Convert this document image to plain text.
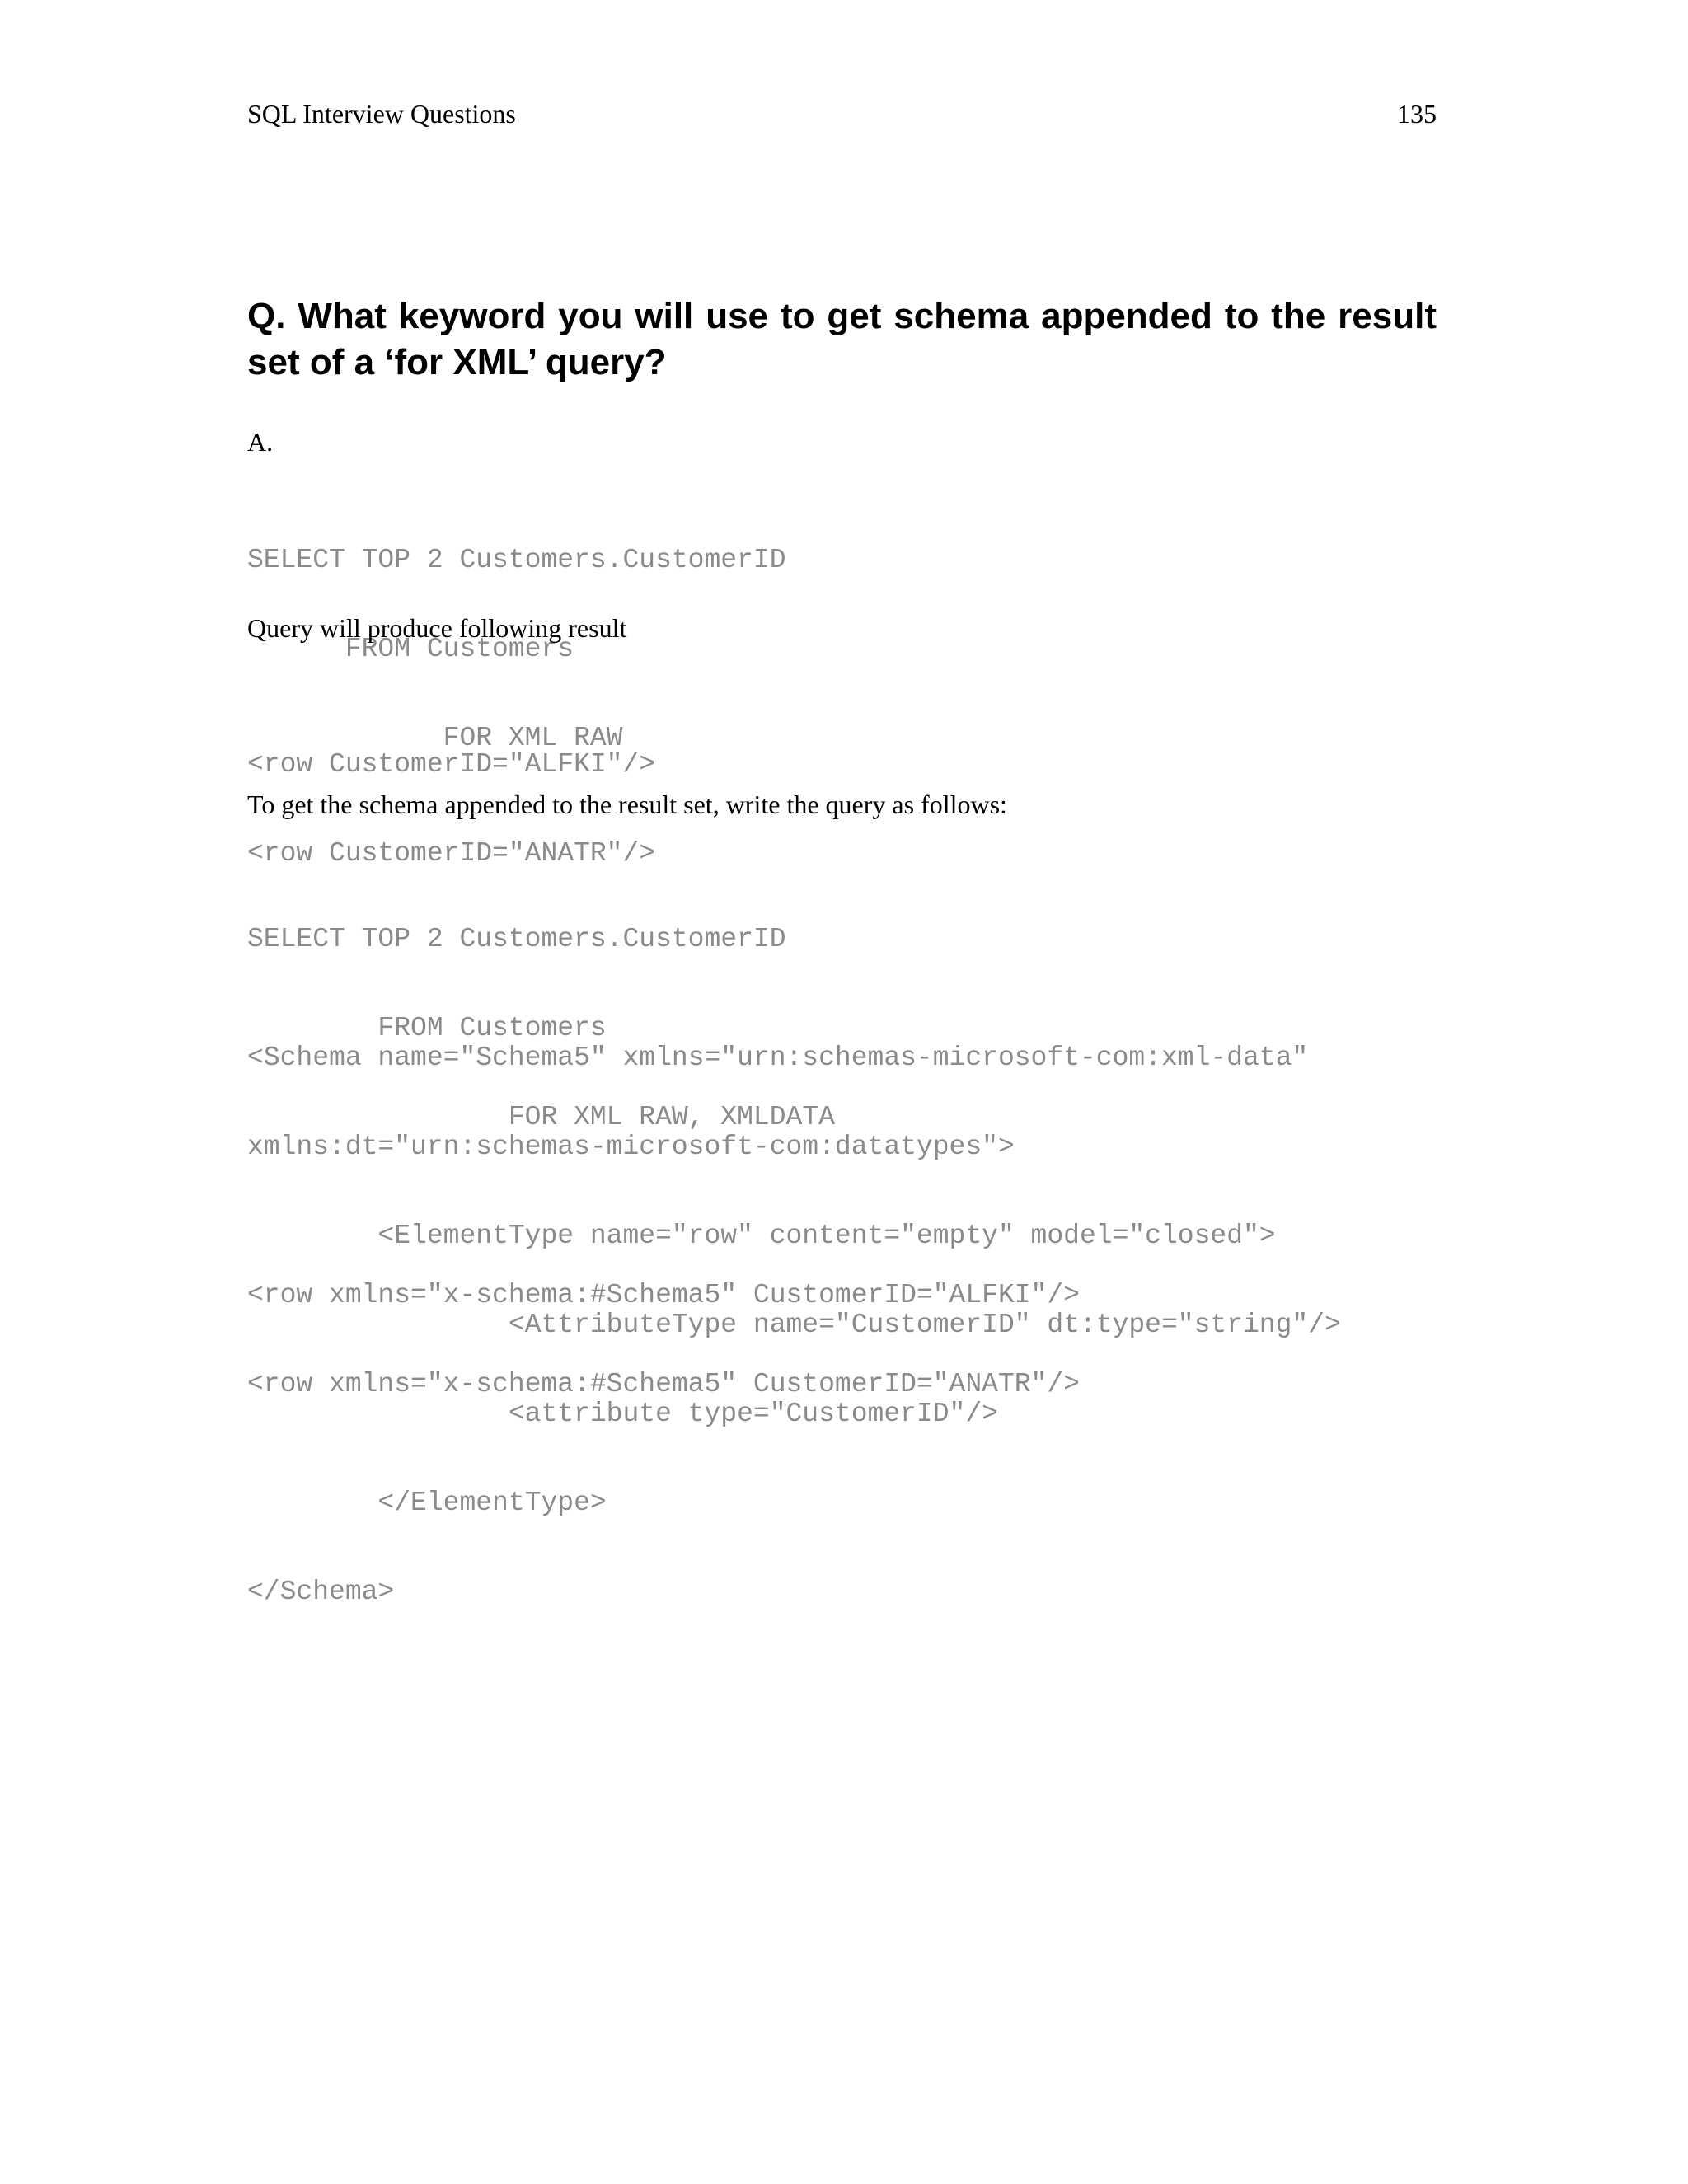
SQL Interview Questions	135
Q. What keyword you will use to get schema appended to the result set of a ‘for XML’ query?

A.

SELECT TOP 2 Customers.CustomerID

FROM Customers

FOR XML RAW

Query will produce following result

<row CustomerID="ALFKI"/>

<row CustomerID="ANATR"/>

To get the schema appended to the result set, write the query as follows:

SELECT TOP 2 Customers.CustomerID

FROM Customers

FOR XML RAW, XMLDATA

<Schema name="Schema5" xmlns="urn:schemas-microsoft-com:xml-data"

xmlns:dt="urn:schemas-microsoft-com:datatypes">

<ElementType name="row" content="empty" model="closed">

<AttributeType name="CustomerID" dt:type="string"/>

<attribute type="CustomerID"/>

</ElementType>

</Schema>

<row xmlns="x-schema:#Schema5" CustomerID="ALFKI"/>

<row xmlns="x-schema:#Schema5" CustomerID="ANATR"/>
